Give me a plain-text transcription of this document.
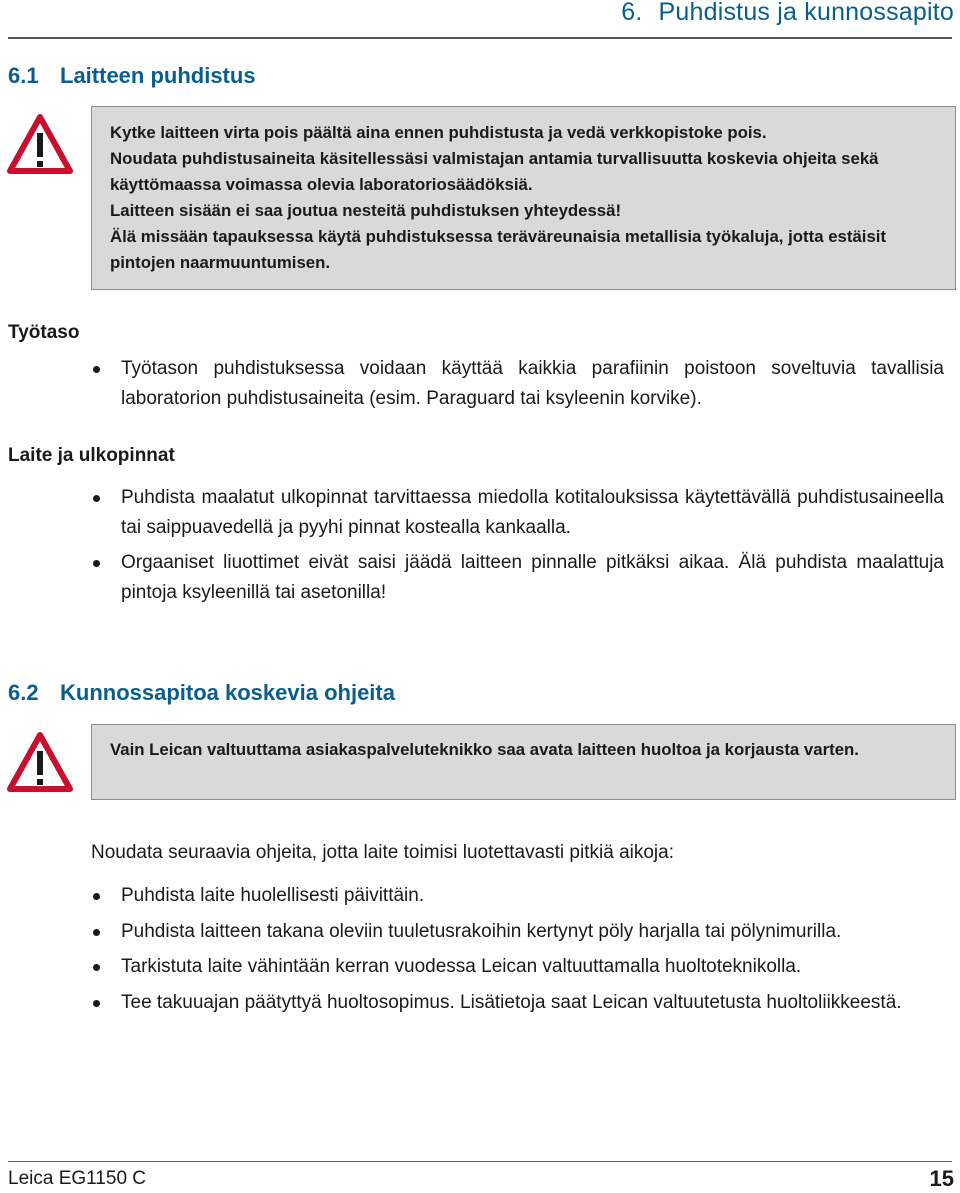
6. Puhdistus ja kunnossapito
6.1 Laitteen puhdistus

Kytke laitteen virta pois päältä aina ennen puhdistusta ja vedä verkkopistoke pois.

Noudata puhdistusaineita käsitellessäsi valmistajan antamia turvallisuutta koskevia ohjeita sekä käyttömaassa voimassa olevia laboratoriosäädöksiä.

Laitteen sisään ei saa joutua nesteitä puhdistuksen yhteydessä!

Älä missään tapauksessa käytä puhdistuksessa teräväreunaisia metallisia työkaluja, jotta estäisit pintojen naarmuuntumisen.

Työtaso
Työtason puhdistuksessa voidaan käyttää kaikkia parafiinin poistoon soveltuvia tavallisia laboratorion puhdistusaineita (esim. Paraguard tai ksyleenin korvike).
Laite ja ulkopinnat
Puhdista maalatut ulkopinnat tarvittaessa miedolla kotitalouksissa käytettävällä puhdistusaineella tai saippuavedellä ja pyyhi pinnat kostealla kankaalla.
Orgaaniset liuottimet eivät saisi jäädä laitteen pinnalle pitkäksi aikaa. Älä puhdista maalattuja pintoja ksyleenillä tai asetonilla!
6.2 Kunnossapitoa koskevia ohjeita

Vain Leican valtuuttama asiakaspalveluteknikko saa avata laitteen huoltoa ja korjausta varten.

Noudata seuraavia ohjeita, jotta laite toimisi luotettavasti pitkiä aikoja:
Puhdista laite huolellisesti päivittäin.
Puhdista laitteen takana oleviin tuuletusrakoihin kertynyt pöly harjalla tai pölynimurilla.
Tarkistuta laite vähintään kerran vuodessa Leican valtuuttamalla huoltoteknikolla.
Tee takuuajan päätyttyä huoltosopimus. Lisätietoja saat Leican valtuutetusta huoltoliikkeestä.
Leica EG1150 C	15
